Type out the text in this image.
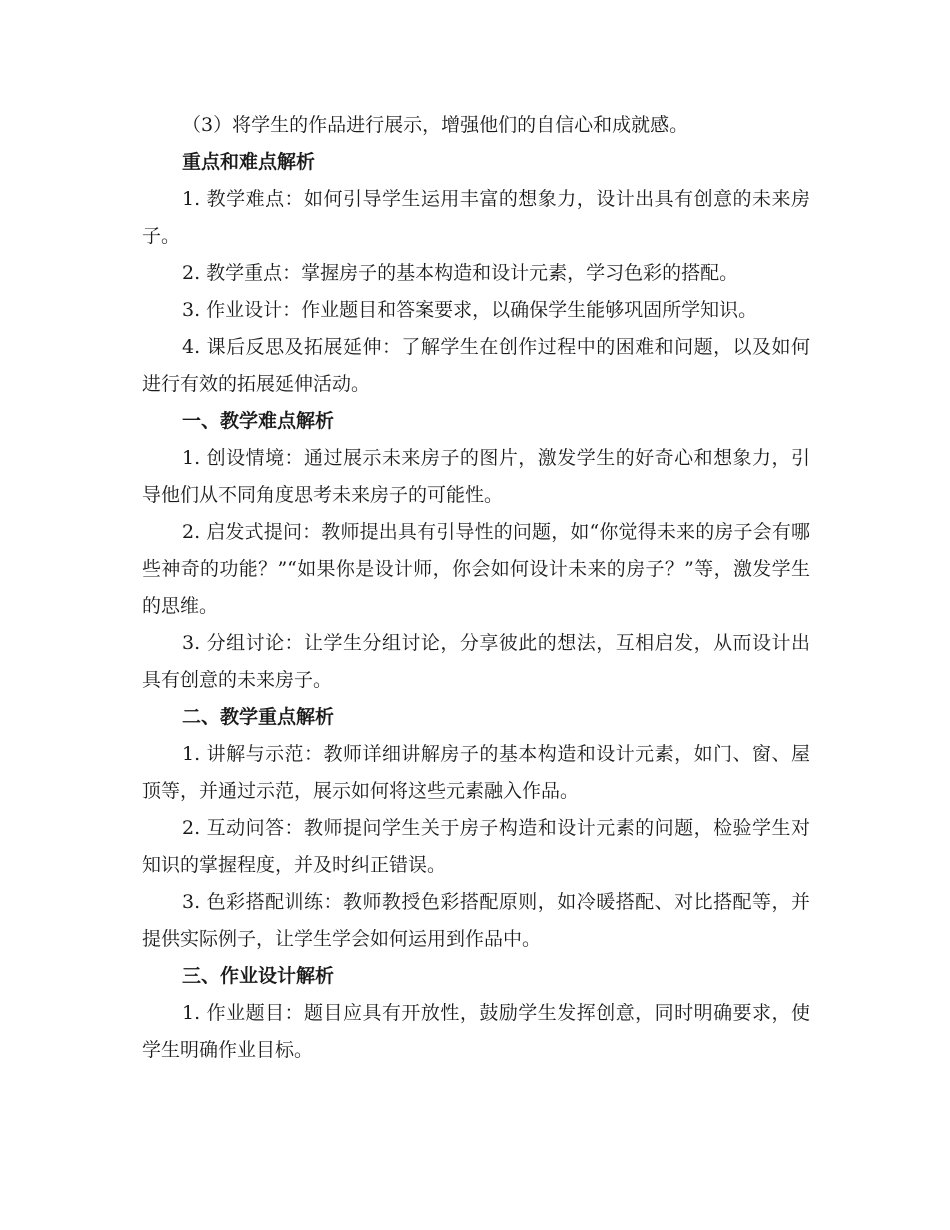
（3）将学生的作品进行展示，增强他们的自信心和成就感。

重点和难点解析

1. 教学难点：如何引导学生运用丰富的想象力，设计出具有创意的未来房子。

2. 教学重点：掌握房子的基本构造和设计元素，学习色彩的搭配。

3. 作业设计：作业题目和答案要求，以确保学生能够巩固所学知识。

4. 课后反思及拓展延伸：了解学生在创作过程中的困难和问题，以及如何进行有效的拓展延伸活动。

一、教学难点解析

1. 创设情境：通过展示未来房子的图片，激发学生的好奇心和想象力，引导他们从不同角度思考未来房子的可能性。

2. 启发式提问：教师提出具有引导性的问题，如“你觉得未来的房子会有哪些神奇的功能？”“如果你是设计师，你会如何设计未来的房子？”等，激发学生的思维。

3. 分组讨论：让学生分组讨论，分享彼此的想法，互相启发，从而设计出具有创意的未来房子。

二、教学重点解析

1. 讲解与示范：教师详细讲解房子的基本构造和设计元素，如门、窗、屋顶等，并通过示范，展示如何将这些元素融入作品。

2. 互动问答：教师提问学生关于房子构造和设计元素的问题，检验学生对知识的掌握程度，并及时纠正错误。

3. 色彩搭配训练：教师教授色彩搭配原则，如冷暖搭配、对比搭配等，并提供实际例子，让学生学会如何运用到作品中。

三、作业设计解析

1. 作业题目：题目应具有开放性，鼓励学生发挥创意，同时明确要求，使学生明确作业目标。
